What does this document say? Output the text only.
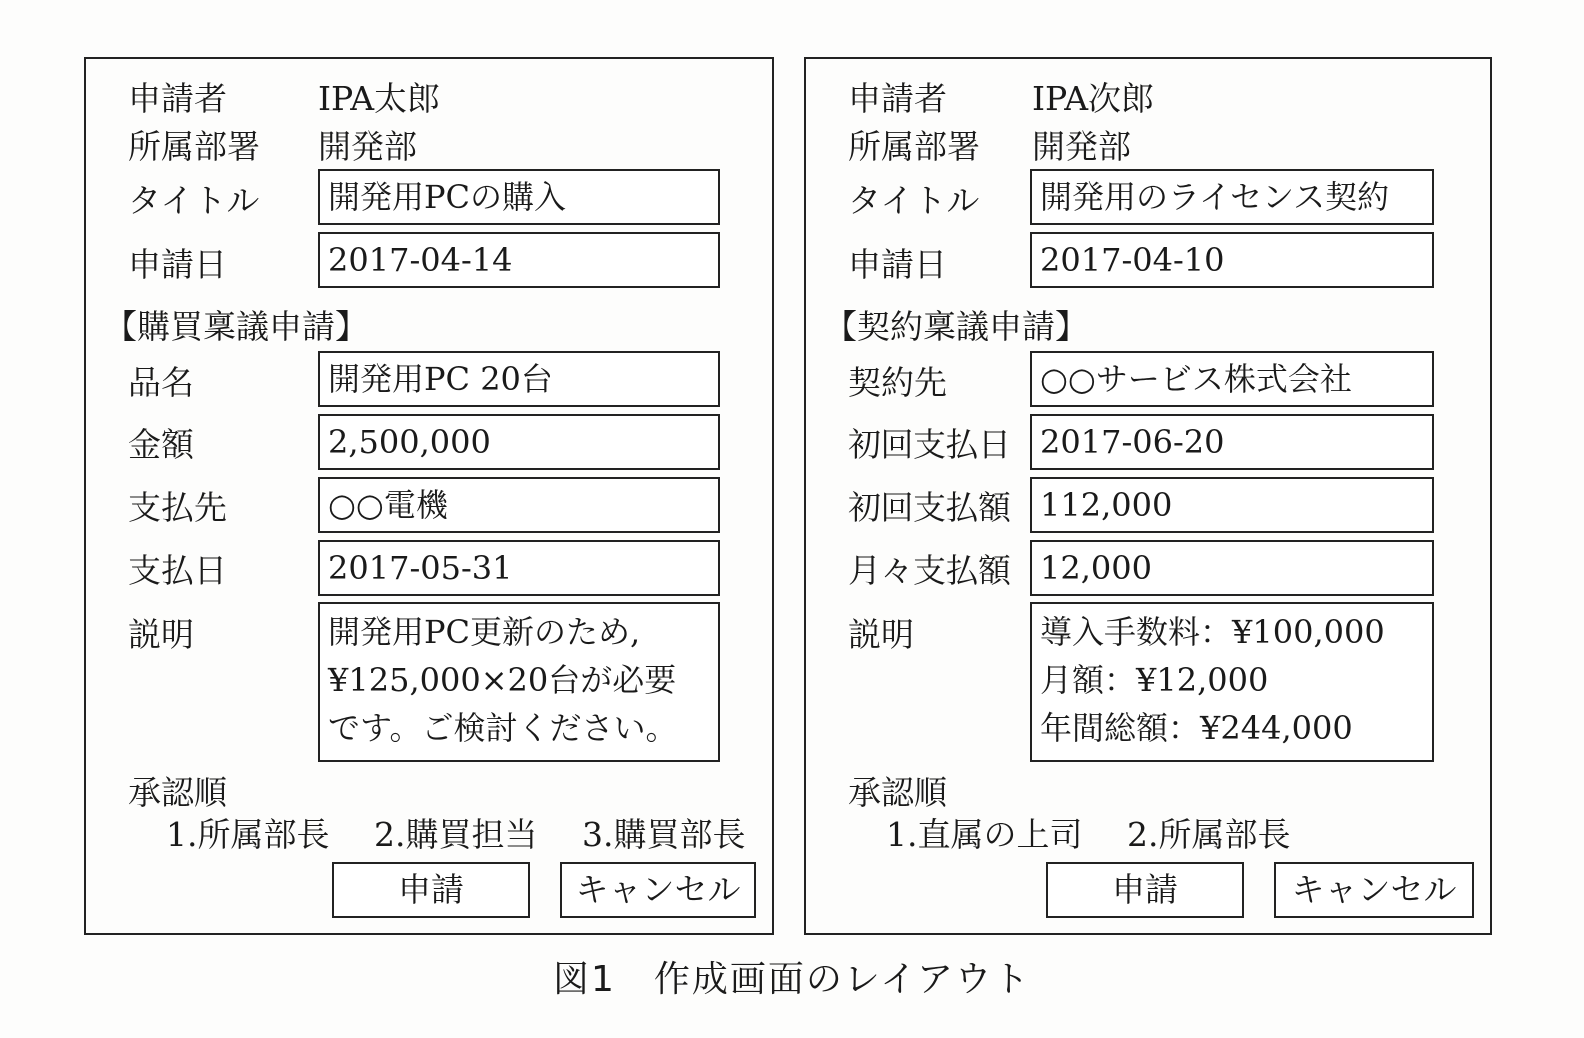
申請者	IPA太郎
所属部署 開発部
タイトル	開発用PCの購入
申請日	2017-04-14
【購買稟議申請】
品名	開発用PC 20台
金額	2,500,000
支払先	○○電機
支払日	2017-05-31
説明	開発用PC更新のため,
¥125,000×20台が必要
です。ご検討ください。
承認順
1.所属部長 2.購買担当 3.購買部長
申請	キャンセル
申請者	IPA次郎
所属部署 開発部
タイトル	開発用のライセンス契約
申請日	2017-04-10
【契約稟議申請】
契約先	○○サービス株式会社
初回支払日 2017-06-20
初回支払額 112,000
月々支払額 12,000
説明	導入手数料：¥100,000
月額：¥12,000
年間総額：¥244,000
承認順
1.直属の上司 2.所属部長
申請	キャンセル
図1　作成画面のレイアウト
